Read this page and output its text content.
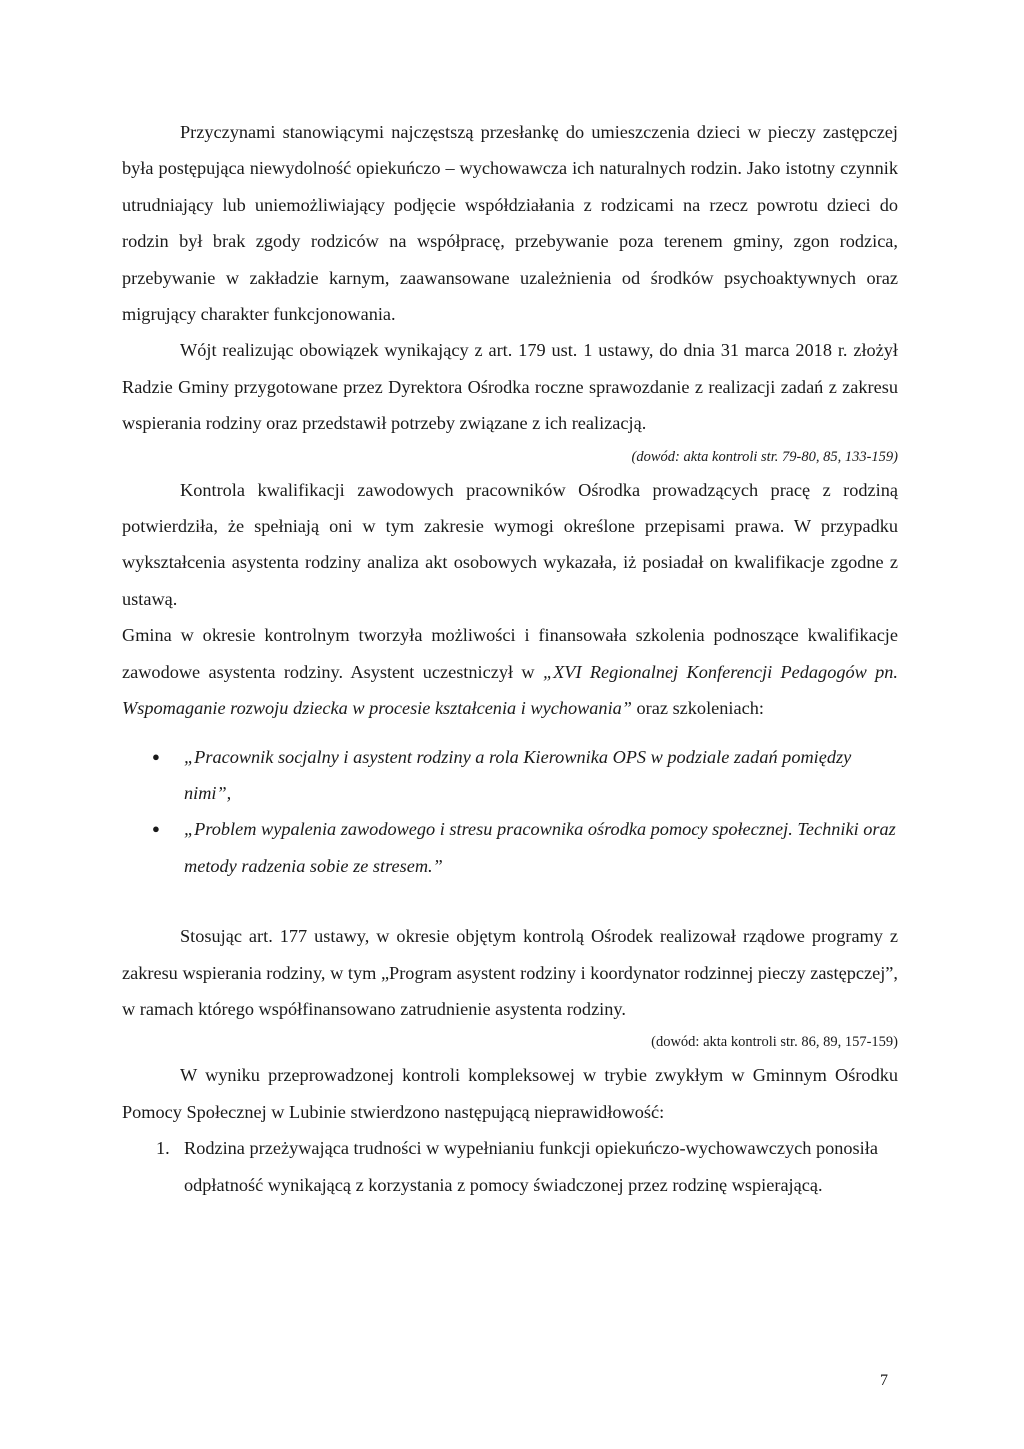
Przyczynami stanowiącymi najczęstszą przesłankę do umieszczenia dzieci w pieczy zastępczej była postępująca niewydolność opiekuńczo – wychowawcza ich naturalnych rodzin. Jako istotny czynnik utrudniający lub uniemożliwiający podjęcie współdziałania z rodzicami na rzecz powrotu dzieci do rodzin był brak zgody rodziców na współpracę, przebywanie poza terenem gminy, zgon rodzica, przebywanie w zakładzie karnym, zaawansowane uzależnienia od środków psychoaktywnych oraz migrujący charakter funkcjonowania.

Wójt realizując obowiązek wynikający z art. 179 ust. 1 ustawy, do dnia 31 marca 2018 r. złożył Radzie Gminy przygotowane przez Dyrektora Ośrodka roczne sprawozdanie z realizacji zadań z zakresu wspierania rodziny oraz przedstawił potrzeby związane z ich realizacją.

(dowód: akta kontroli str. 79-80, 85, 133-159)

Kontrola kwalifikacji zawodowych pracowników Ośrodka prowadzących pracę z rodziną potwierdziła, że spełniają oni w tym zakresie wymogi określone przepisami prawa. W przypadku wykształcenia asystenta rodziny analiza akt osobowych wykazała, iż posiadał on kwalifikacje zgodne z ustawą.

Gmina w okresie kontrolnym tworzyła możliwości i finansowała szkolenia podnoszące kwalifikacje zawodowe asystenta rodziny. Asystent uczestniczył w „XVI Regionalnej Konferencji Pedagogów pn. Wspomaganie rozwoju dziecka w procesie kształcenia i wychowania” oraz szkoleniach:

● „Pracownik socjalny i asystent rodziny a rola Kierownika OPS w podziale zadań pomiędzy nimi”,
● „Problem wypalenia zawodowego i stresu pracownika ośrodka pomocy społecznej. Techniki oraz metody radzenia sobie ze stresem.”

Stosując art. 177 ustawy, w okresie objętym kontrolą Ośrodek realizował rządowe programy z zakresu wspierania rodziny, w tym „Program asystent rodziny i koordynator rodzinnej pieczy zastępczej”, w ramach którego współfinansowano zatrudnienie asystenta rodziny.

(dowód: akta kontroli str. 86, 89, 157-159)

W wyniku przeprowadzonej kontroli kompleksowej w trybie zwykłym w Gminnym Ośrodku Pomocy Społecznej w Lubinie stwierdzono następującą nieprawidłowość:

1. Rodzina przeżywająca trudności w wypełnianiu funkcji opiekuńczo-wychowawczych ponosiła odpłatność wynikającą z korzystania z pomocy świadczonej przez rodzinę wspierającą.
7
